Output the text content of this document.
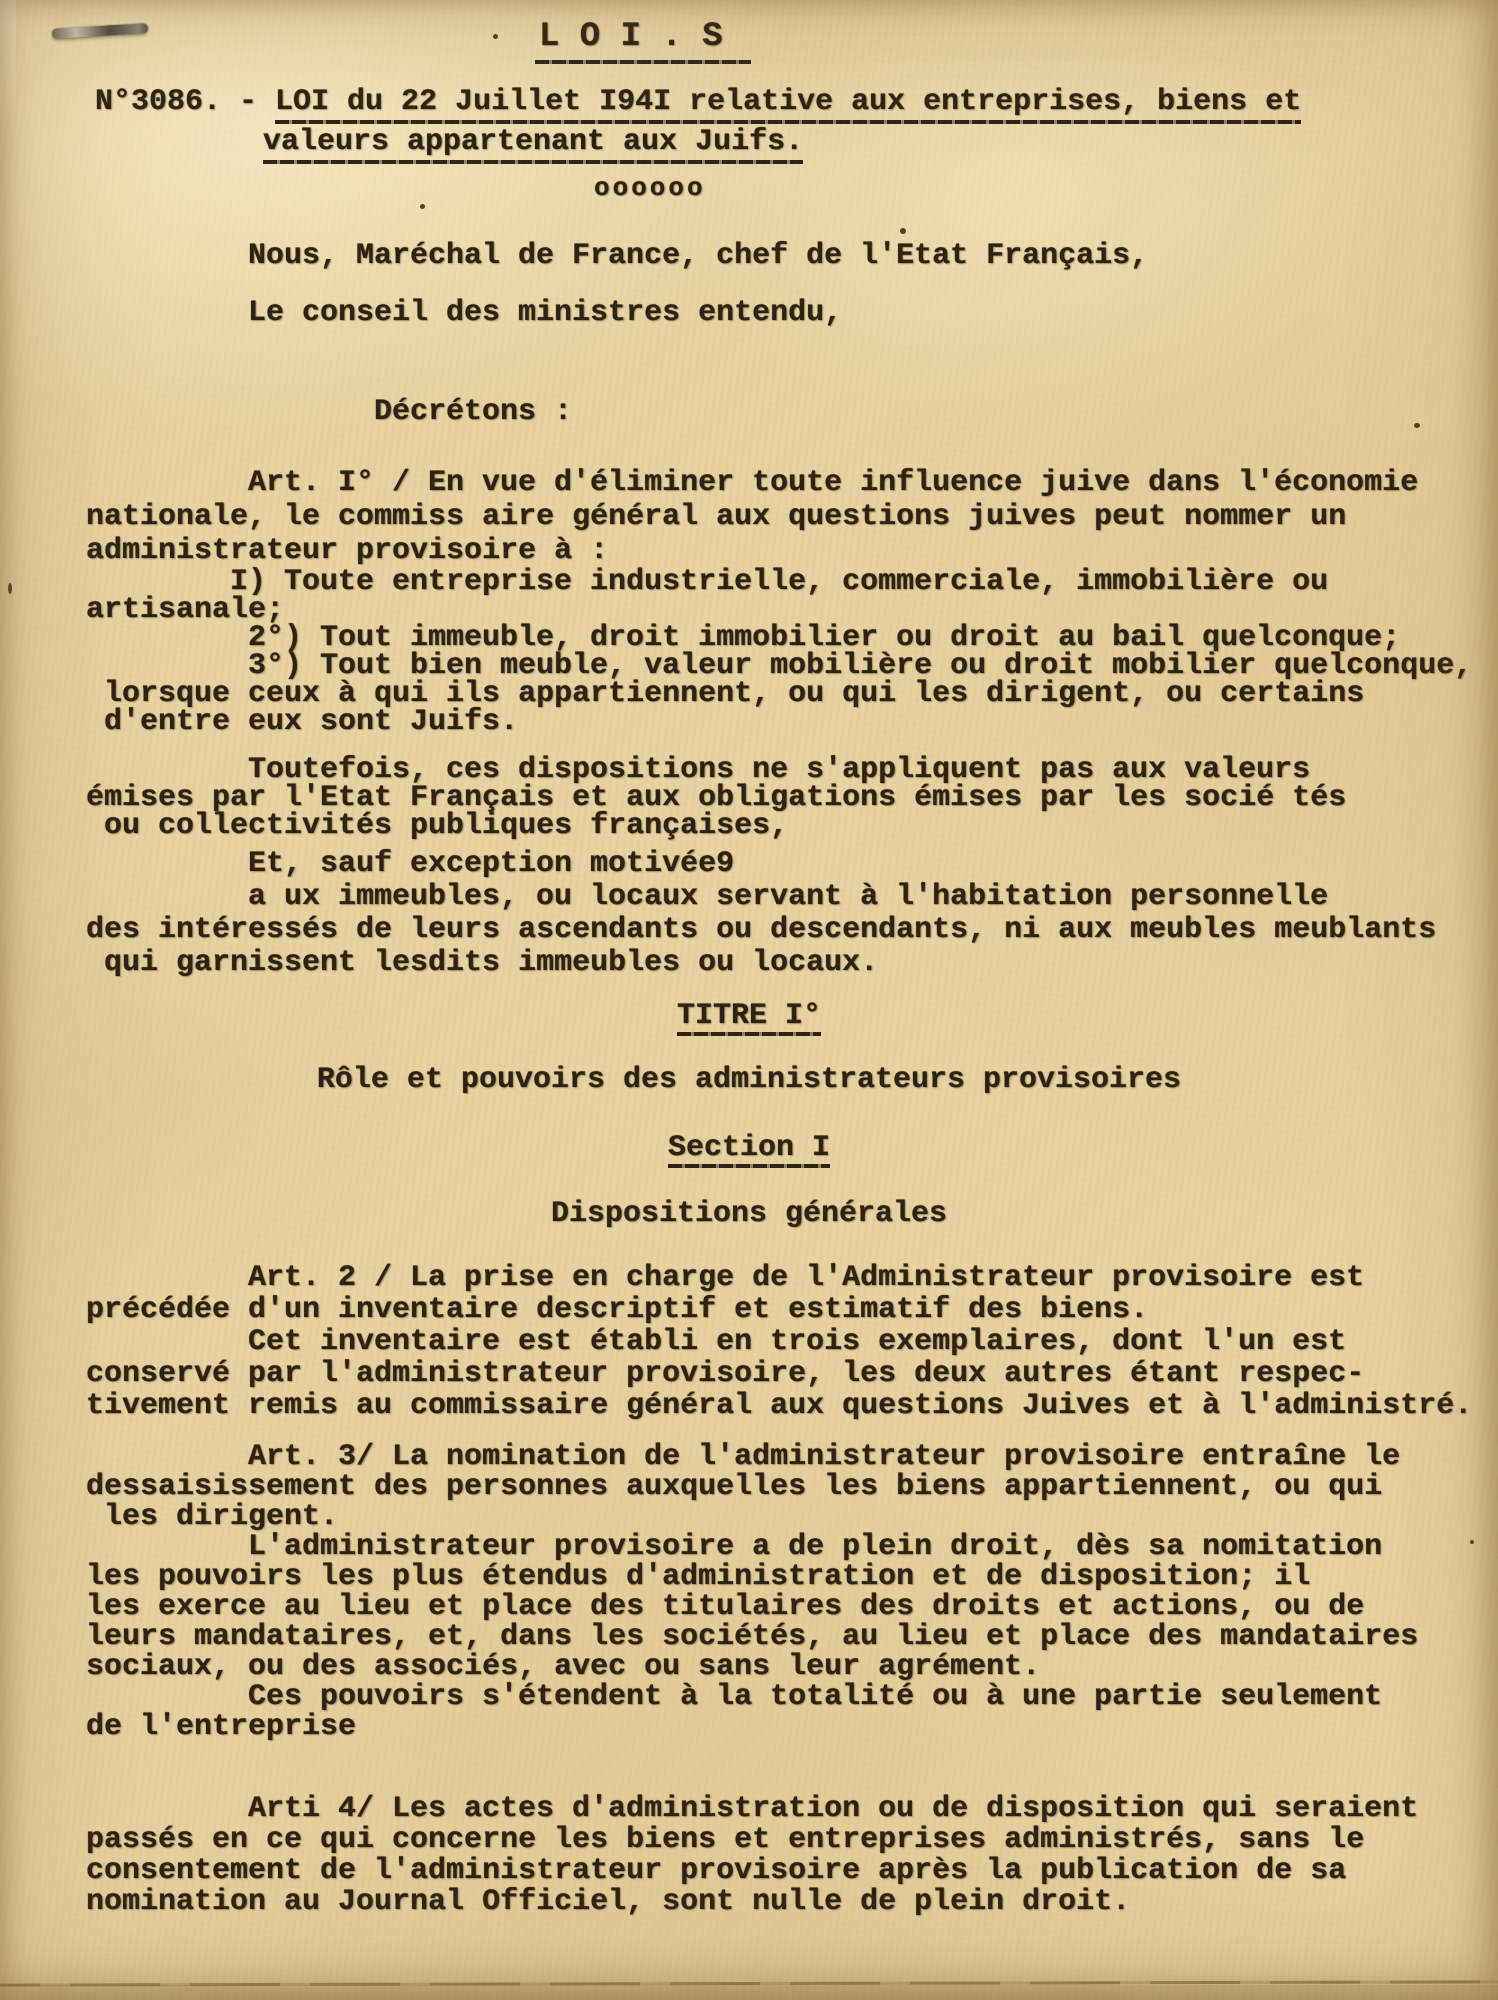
L O I . S
N°3086. - LOI du 22 Juillet I94I relative aux entreprises, biens et
valeurs appartenant aux Juifs.
oooooo
Nous, Maréchal de France, chef de l'Etat Français,
Le conseil des ministres entendu,
Décrétons :
Art. I° / En vue d'éliminer toute influence juive dans l'économie
nationale, le commiss aire général aux questions juives peut nommer un
administrateur provisoire à :
I) Toute entreprise industrielle, commerciale, immobilière ou
artisanale;
2°) Tout immeuble, droit immobilier ou droit au bail quelconque;
3°) Tout bien meuble, valeur mobilière ou droit mobilier quelconque,
lorsque ceux à qui ils appartiennent, ou qui les dirigent, ou certains
d'entre eux sont Juifs.
Toutefois, ces dispositions ne s'appliquent pas aux valeurs
émises par l'Etat Français et aux obligations émises par les socié tés
ou collectivités publiques françaises,
Et, sauf exception motivée9
a ux immeubles, ou locaux servant à l'habitation personnelle
des intéressés de leurs ascendants ou descendants, ni aux meubles meublants
qui garnissent lesdits immeubles ou locaux.
TITRE I°
Rôle et pouvoirs des administrateurs provisoires
Section I
Dispositions générales
Art. 2 / La prise en charge de l'Administrateur provisoire est
précédée d'un inventaire descriptif et estimatif des biens.
Cet inventaire est établi en trois exemplaires, dont l'un est
conservé par l'administrateur provisoire, les deux autres étant respec-
tivement remis au commissaire général aux questions Juives et à l'administré.
Art. 3/ La nomination de l'administrateur provisoire entraîne le
dessaisissement des personnes auxquelles les biens appartiennent, ou qui
les dirigent.
L'administrateur provisoire a de plein droit, dès sa nomitation
les pouvoirs les plus étendus d'administration et de disposition; il
les exerce au lieu et place des titulaires des droits et actions, ou de
leurs mandataires, et, dans les sociétés, au lieu et place des mandataires
sociaux, ou des associés, avec ou sans leur agrément.
Ces pouvoirs s'étendent à la totalité ou à une partie seulement
de l'entreprise
Arti 4/ Les actes d'administration ou de disposition qui seraient
passés en ce qui concerne les biens et entreprises administrés, sans le
consentement de l'administrateur provisoire après la publication de sa
nomination au Journal Officiel, sont nulle de plein droit.
